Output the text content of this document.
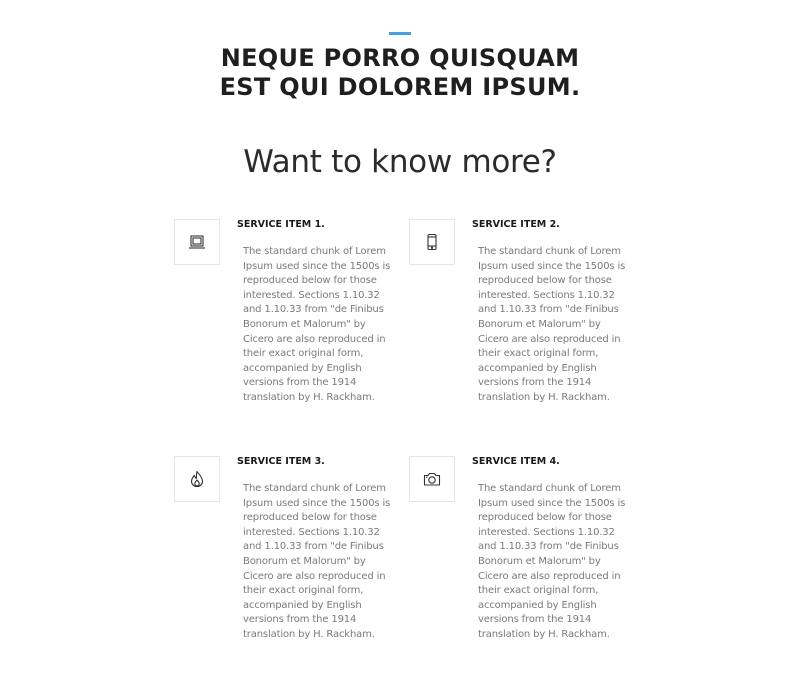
NEQUE PORRO QUISQUAM EST QUI DOLOREM IPSUM.
Want to know more?
SERVICE ITEM 1.
The standard chunk of Lorem Ipsum used since the 1500s is reproduced below for those interested. Sections 1.10.32 and 1.10.33 from "de Finibus Bonorum et Malorum" by Cicero are also reproduced in their exact original form, accompanied by English versions from the 1914 translation by H. Rackham.
SERVICE ITEM 2.
The standard chunk of Lorem Ipsum used since the 1500s is reproduced below for those interested. Sections 1.10.32 and 1.10.33 from "de Finibus Bonorum et Malorum" by Cicero are also reproduced in their exact original form, accompanied by English versions from the 1914 translation by H. Rackham.
SERVICE ITEM 3.
The standard chunk of Lorem Ipsum used since the 1500s is reproduced below for those interested. Sections 1.10.32 and 1.10.33 from "de Finibus Bonorum et Malorum" by Cicero are also reproduced in their exact original form, accompanied by English versions from the 1914 translation by H. Rackham.
SERVICE ITEM 4.
The standard chunk of Lorem Ipsum used since the 1500s is reproduced below for those interested. Sections 1.10.32 and 1.10.33 from "de Finibus Bonorum et Malorum" by Cicero are also reproduced in their exact original form, accompanied by English versions from the 1914 translation by H. Rackham.
